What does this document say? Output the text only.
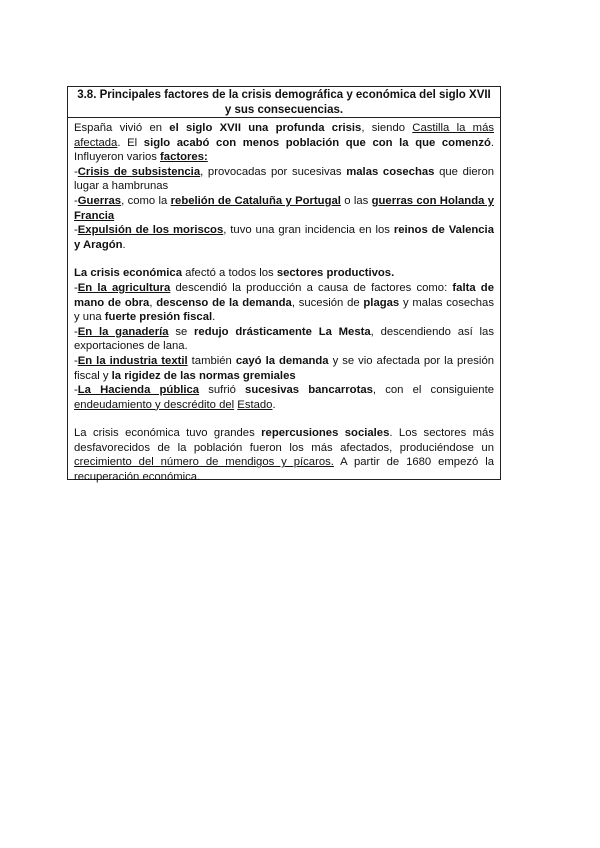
3.8. Principales factores de la crisis demográfica y económica del siglo XVII y sus consecuencias.

España vivió en el siglo XVII una profunda crisis, siendo Castilla la más afectada. El siglo acabó con menos población que con la que comenzó. Influyeron varios factores:

-Crisis de subsistencia, provocadas por sucesivas malas cosechas que dieron lugar a hambrunas

-Guerras, como la rebelión de Cataluña y Portugal o las guerras con Holanda y Francia

-Expulsión de los moriscos, tuvo una gran incidencia en los reinos de Valencia y Aragón.

La crisis económica afectó a todos los sectores productivos.

-En la agricultura descendió la producción a causa de factores como: falta de mano de obra, descenso de la demanda, sucesión de plagas y malas cosechas y una fuerte presión fiscal.

-En la ganadería se redujo drásticamente La Mesta, descendiendo así las exportaciones de lana.

-En la industria textil también cayó la demanda y se vio afectada por la presión fiscal y la rigidez de las normas gremiales

-La Hacienda pública sufrió sucesivas bancarrotas, con el consiguiente endeudamiento y descrédito del Estado.

La crisis económica tuvo grandes repercusiones sociales. Los sectores más desfavorecidos de la población fueron los más afectados, produciéndose un crecimiento del número de mendigos y pícaros. A partir de 1680 empezó la recuperación económica.
